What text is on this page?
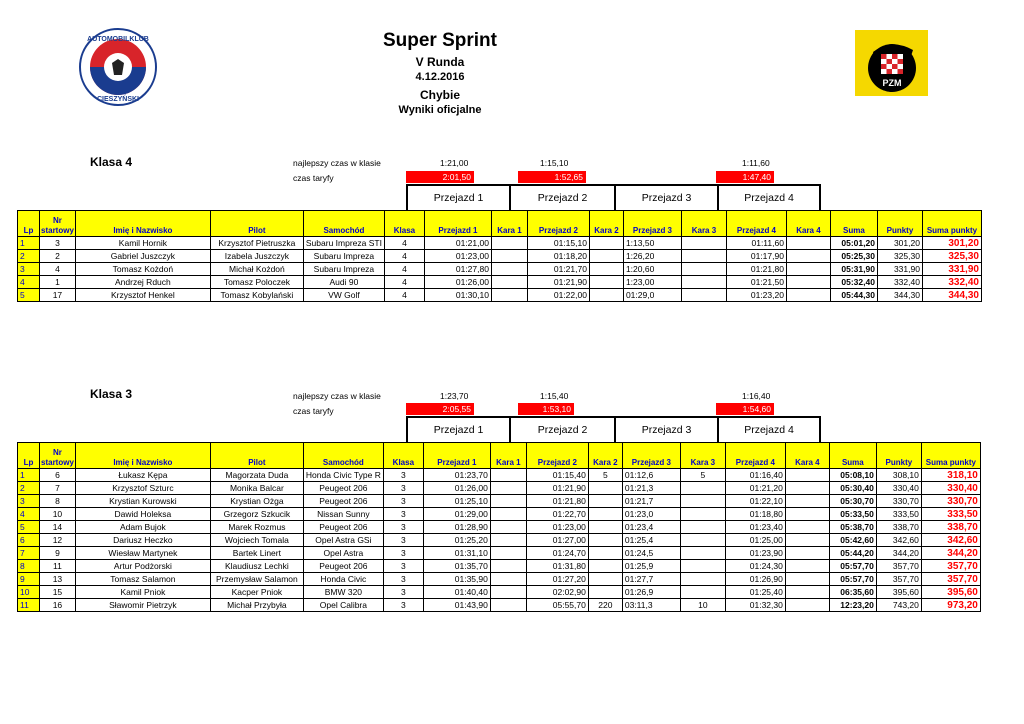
AUTOMOBILKLUB
CIESZYŃSKI
PZM
Super Sprint
V Runda
4.12.2016
Chybie
Wyniki oficjalne
Klasa 4	najlepszy czas w klasie
czas taryfy
1:21,00	1:15,10	1:11,60
2:01,50	1:52,65	1:47,40
Przejazd 1	Przejazd 2	Przejazd 3	Przejazd 4
Lp	Nr startowy	Imię i Nazwisko	Pilot	Samochód	Klasa	Przejazd 1	Kara 1	Przejazd 2	Kara 2	Przejazd 3	Kara 3	Przejazd 4	Kara 4	Suma	Punkty	Suma punkty
1	3	Kamil Hornik	Krzysztof Pietruszka	Subaru Impreza STI	4	01:21,00		01:15,10		1:13,50		01:11,60		05:01,20	301,20	301,20
2	2	Gabriel Juszczyk	Izabela Juszczyk	Subaru Impreza	4	01:23,00		01:18,20		1:26,20		01:17,90		05:25,30	325,30	325,30
3	4	Tomasz Kożdoń	Michał Kożdoń	Subaru Impreza	4	01:27,80		01:21,70		1:20,60		01:21,80		05:31,90	331,90	331,90
4	1	Andrzej Rduch	Tomasz Poloczek	Audi 90	4	01:26,00		01:21,90		1:23,00		01:21,50		05:32,40	332,40	332,40
5	17	Krzysztof Henkel	Tomasz Kobylański	VW Golf	4	01:30,10		01:22,00		01:29,0		01:23,20		05:44,30	344,30	344,30
Klasa 3	najlepszy czas w klasie
czas taryfy
1:23,70	1:15,40	1:16,40
2:05,55	1:53,10	1:54,60
Przejazd 1	Przejazd 2	Przejazd 3	Przejazd 4
Lp	Nr startowy	Imię i Nazwisko	Pilot	Samochód	Klasa	Przejazd 1	Kara 1	Przejazd 2	Kara 2	Przejazd 3	Kara 3	Przejazd 4	Kara 4	Suma	Punkty	Suma punkty
1	6	Łukasz Kępa	Magorzata Duda	Honda Civic Type R	3	01:23,70		01:15,40	5	01:12,6	5	01:16,40		05:08,10	308,10	318,10
2	7	Krzysztof Szturc	Monika Balcar	Peugeot 206	3	01:26,00		01:21,90		01:21,3		01:21,20		05:30,40	330,40	330,40
3	8	Krystian Kurowski	Krystian Ożga	Peugeot 206	3	01:25,10		01:21,80		01:21,7		01:22,10		05:30,70	330,70	330,70
4	10	Dawid Holeksa	Grzegorz Szkucik	Nissan Sunny	3	01:29,00		01:22,70		01:23,0		01:18,80		05:33,50	333,50	333,50
5	14	Adam Bujok	Marek Rozmus	Peugeot 206	3	01:28,90		01:23,00		01:23,4		01:23,40		05:38,70	338,70	338,70
6	12	Dariusz Heczko	Wojciech Tomala	Opel Astra GSi	3	01:25,20		01:27,00		01:25,4		01:25,00		05:42,60	342,60	342,60
7	9	Wiesław Martynek	Bartek Linert	Opel Astra	3	01:31,10		01:24,70		01:24,5		01:23,90		05:44,20	344,20	344,20
8	11	Artur Podżorski	Klaudiusz Lechki	Peugeot 206	3	01:35,70		01:31,80		01:25,9		01:24,30		05:57,70	357,70	357,70
9	13	Tomasz Salamon	Przemysław Salamon	Honda Civic	3	01:35,90		01:27,20		01:27,7		01:26,90		05:57,70	357,70	357,70
10	15	Kamil Pniok	Kacper Pniok	BMW 320	3	01:40,40		02:02,90		01:26,9		01:25,40		06:35,60	395,60	395,60
11	16	Sławomir Pietrzyk	Michał Przybyła	Opel Calibra	3	01:43,90		05:55,70	220	03:11,3	10	01:32,30		12:23,20	743,20	973,20
